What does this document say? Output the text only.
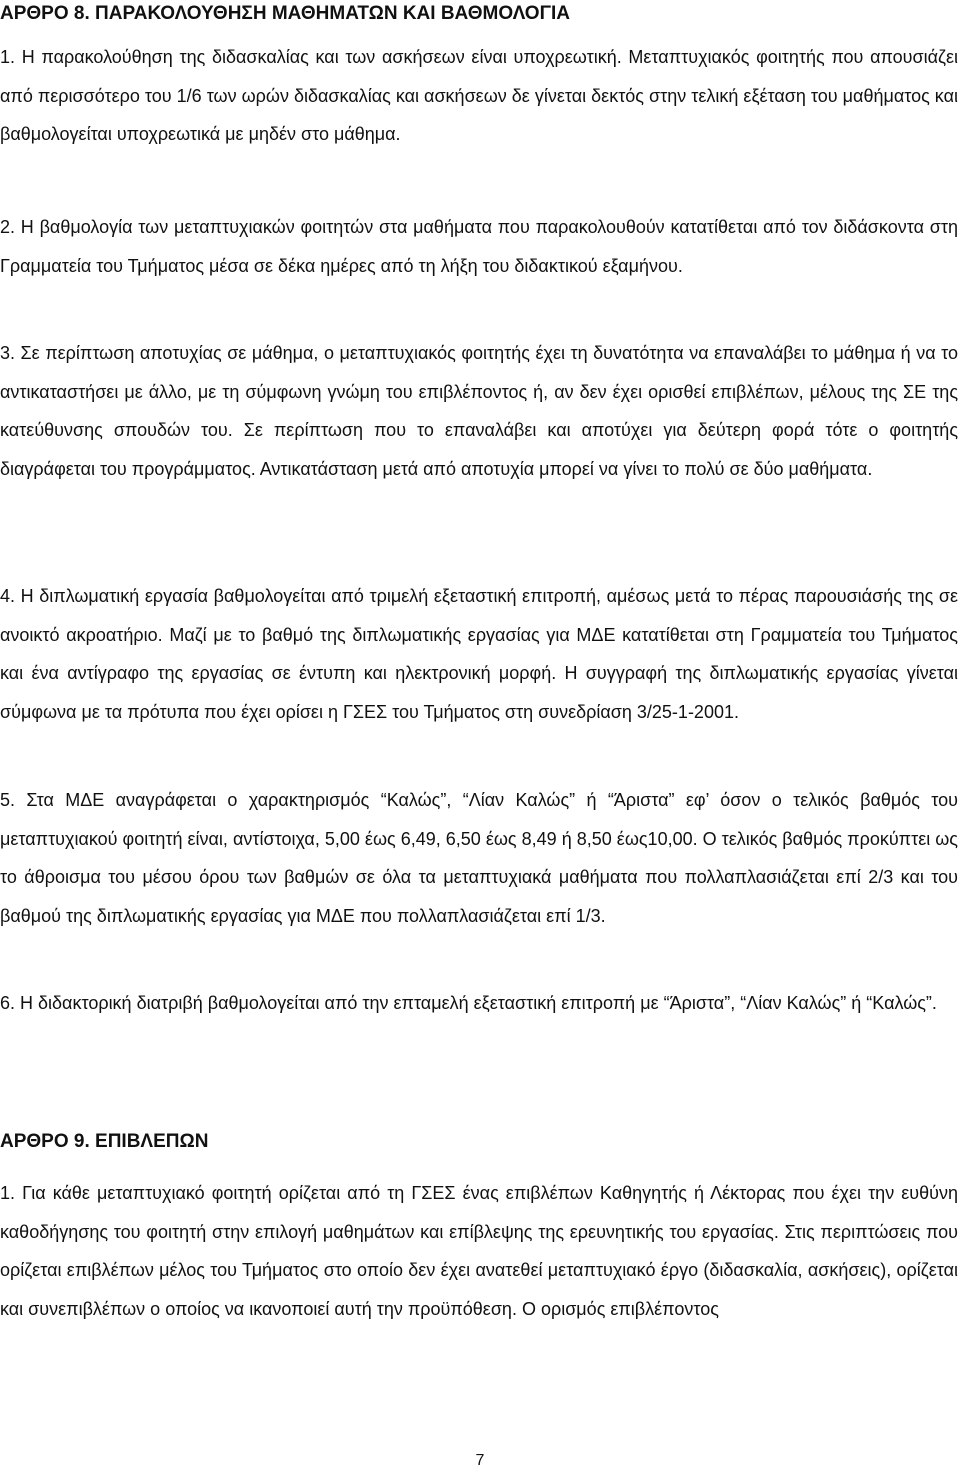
ΑΡΘΡΟ 8. ΠΑΡΑΚΟΛΟΥΘΗΣΗ ΜΑΘΗΜΑΤΩΝ ΚΑΙ ΒΑΘΜΟΛΟΓΙΑ

1. Η παρακολούθηση της διδασκαλίας και των ασκήσεων είναι υποχρεωτική. Μεταπτυχιακός φοιτητής που απουσιάζει από περισσότερο του 1/6 των ωρών διδασκαλίας και ασκήσεων δε γίνεται δεκτός στην τελική εξέταση του μαθήματος και βαθμολογείται υποχρεωτικά με μηδέν στο μάθημα.

2. Η βαθμολογία των μεταπτυχιακών φοιτητών στα μαθήματα που παρακολουθούν κατατίθεται από τον διδάσκοντα στη Γραμματεία του Τμήματος μέσα σε δέκα ημέρες από τη λήξη του διδακτικού εξαμήνου.

3. Σε περίπτωση αποτυχίας σε μάθημα, ο μεταπτυχιακός φοιτητής έχει τη δυνατότητα να επαναλάβει το μάθημα ή να το αντικαταστήσει με άλλο, με τη σύμφωνη γνώμη του επιβλέποντος ή, αν δεν έχει ορισθεί επιβλέπων, μέλους της ΣΕ της κατεύθυνσης σπουδών του. Σε περίπτωση που το επαναλάβει και αποτύχει για δεύτερη φορά τότε ο φοιτητής διαγράφεται του προγράμματος. Αντικατάσταση μετά από αποτυχία μπορεί να γίνει το πολύ σε δύο μαθήματα.

4. Η διπλωματική εργασία βαθμολογείται από τριμελή εξεταστική επιτροπή, αμέσως μετά το πέρας παρουσιάσής της σε ανοικτό ακροατήριο. Μαζί με το βαθμό της διπλωματικής εργασίας για ΜΔΕ κατατίθεται στη Γραμματεία του Τμήματος και ένα αντίγραφο της εργασίας σε έντυπη και ηλεκτρονική μορφή. Η συγγραφή της διπλωματικής εργασίας γίνεται σύμφωνα με τα πρότυπα που έχει ορίσει η ΓΣΕΣ του Τμήματος στη συνεδρίαση 3/25-1-2001.

5. Στα ΜΔΕ αναγράφεται ο χαρακτηρισμός “Καλώς”, “Λίαν Καλώς” ή “Άριστα” εφ’ όσον ο τελικός βαθμός του μεταπτυχιακού φοιτητή είναι, αντίστοιχα, 5,00 έως 6,49, 6,50 έως 8,49 ή 8,50 έως10,00. Ο τελικός βαθμός προκύπτει ως το άθροισμα του μέσου όρου των βαθμών σε όλα τα μεταπτυχιακά μαθήματα που πολλαπλασιάζεται επί 2/3 και του βαθμού της διπλωματικής εργασίας για ΜΔΕ που πολλαπλασιάζεται επί 1/3.

6. Η διδακτορική διατριβή βαθμολογείται από την επταμελή εξεταστική επιτροπή με “Άριστα”, “Λίαν Καλώς” ή “Καλώς”.

ΑΡΘΡΟ 9. ΕΠΙΒΛΕΠΩΝ

1. Για κάθε μεταπτυχιακό φοιτητή ορίζεται από τη ΓΣΕΣ ένας επιβλέπων Καθηγητής ή Λέκτορας που έχει την ευθύνη καθοδήγησης του φοιτητή στην επιλογή μαθημάτων και επίβλεψης της ερευνητικής του εργασίας. Στις περιπτώσεις που ορίζεται επιβλέπων μέλος του Τμήματος στο οποίο δεν έχει ανατεθεί μεταπτυχιακό έργο (διδασκαλία, ασκήσεις), ορίζεται και συνεπιβλέπων ο οποίος να ικανοποιεί αυτή την προϋπόθεση. Ο ορισμός επιβλέποντος

7
